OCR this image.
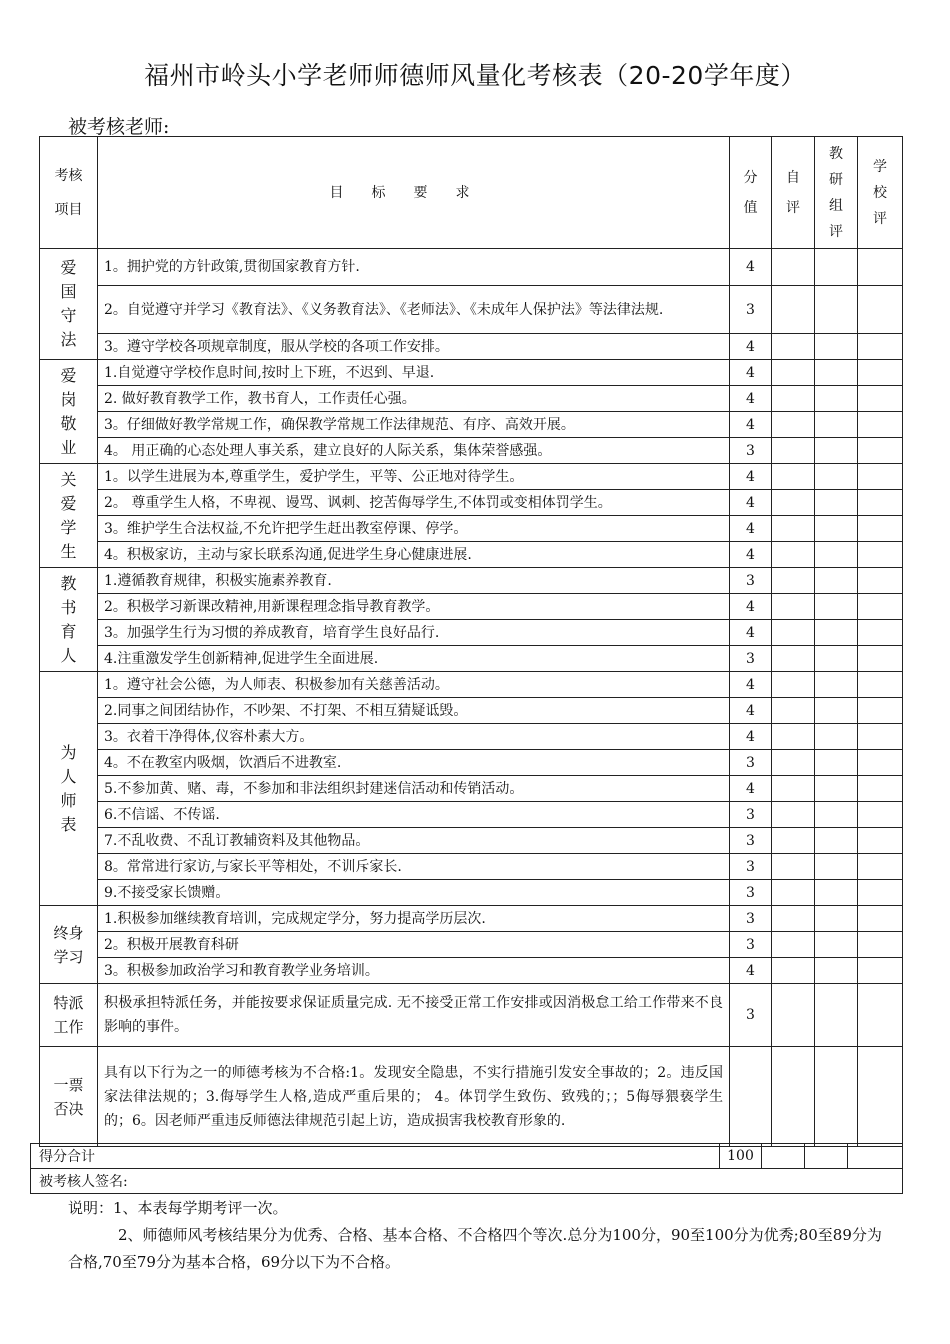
福州市岭头小学老师师德师风量化考核表（20-20学年度）
被考核老师:
考核项目	目标要求	分值	自评	教研组评	学校评

爱国守法	1。拥护党的方针政策,贯彻国家教育方针.	4			
	2。自觉遵守并学习《教育法》、《义务教育法》、《老师法》、《未成年人保护法》等法律法规.	3			
	3。遵守学校各项规章制度，服从学校的各项工作安排。	4			

爱岗敬业	1.自觉遵守学校作息时间,按时上下班，不迟到、早退.	4			
	2. 做好教育教学工作，教书育人，工作责任心强。	4			
	3。仔细做好教学常规工作，确保教学常规工作法律规范、有序、高效开展。	4			
	4。 用正确的心态处理人事关系，建立良好的人际关系，集体荣誉感强。	3			

关爱学生	1。以学生进展为本,尊重学生，爱护学生，平等、公正地对待学生。	4			
	2。 尊重学生人格，不卑视、谩骂、讽刺、挖苦侮辱学生,不体罚或变相体罚学生。	4			
	3。维护学生合法权益,不允许把学生赶出教室停课、停学。	4			
	4。积极家访，主动与家长联系沟通,促进学生身心健康进展.	4			

教书育人	1.遵循教育规律，积极实施素养教育.	3			
	2。积极学习新课改精神,用新课程理念指导教育教学。	4			
	3。加强学生行为习惯的养成教育，培育学生良好品行.	4			
	4.注重激发学生创新精神,促进学生全面进展.	3			

为人师表	1。遵守社会公德，为人师表、积极参加有关慈善活动。	4			
	2.同事之间团结协作，不吵架、不打架、不相互猜疑诋毁。	4			
	3。衣着干净得体,仪容朴素大方。	4			
	4。不在教室内吸烟，饮酒后不进教室.	3			
	5.不参加黄、赌、毒，不参加和非法组织封建迷信活动和传销活动。	4			
	6.不信谣、不传谣.	3			
	7.不乱收费、不乱订教辅资料及其他物品。	3			
	8。常常进行家访,与家长平等相处，不训斥家长.	3			
	9.不接受家长馈赠。	3			

终身学习	1.积极参加继续教育培训，完成规定学分，努力提高学历层次.	3			
	2。积极开展教育科研	3			
	3。积极参加政治学习和教育教学业务培训。	4			

特派工作	积极承担特派任务，并能按要求保证质量完成. 无不接受正常工作安排或因消极怠工给工作带来不良影响的事件。	3			

一票否决	具有以下行为之一的师德考核为不合格:1。发现安全隐患，不实行措施引发安全事故的；2。违反国家法律法规的；3.侮辱学生人格,造成严重后果的； 4。体罚学生致伤、致残的；；5侮辱猥亵学生的；6。因老师严重违反师德法律规范引起上访，造成损害我校教育形象的.				
得分合计	100			
被考核人签名:
说明：1、本表每学期考评一次。
2、师德师风考核结果分为优秀、合格、基本合格、不合格四个等次.总分为100分，90至100分为优秀;80至89分为合格,70至79分为基本合格，69分以下为不合格。
